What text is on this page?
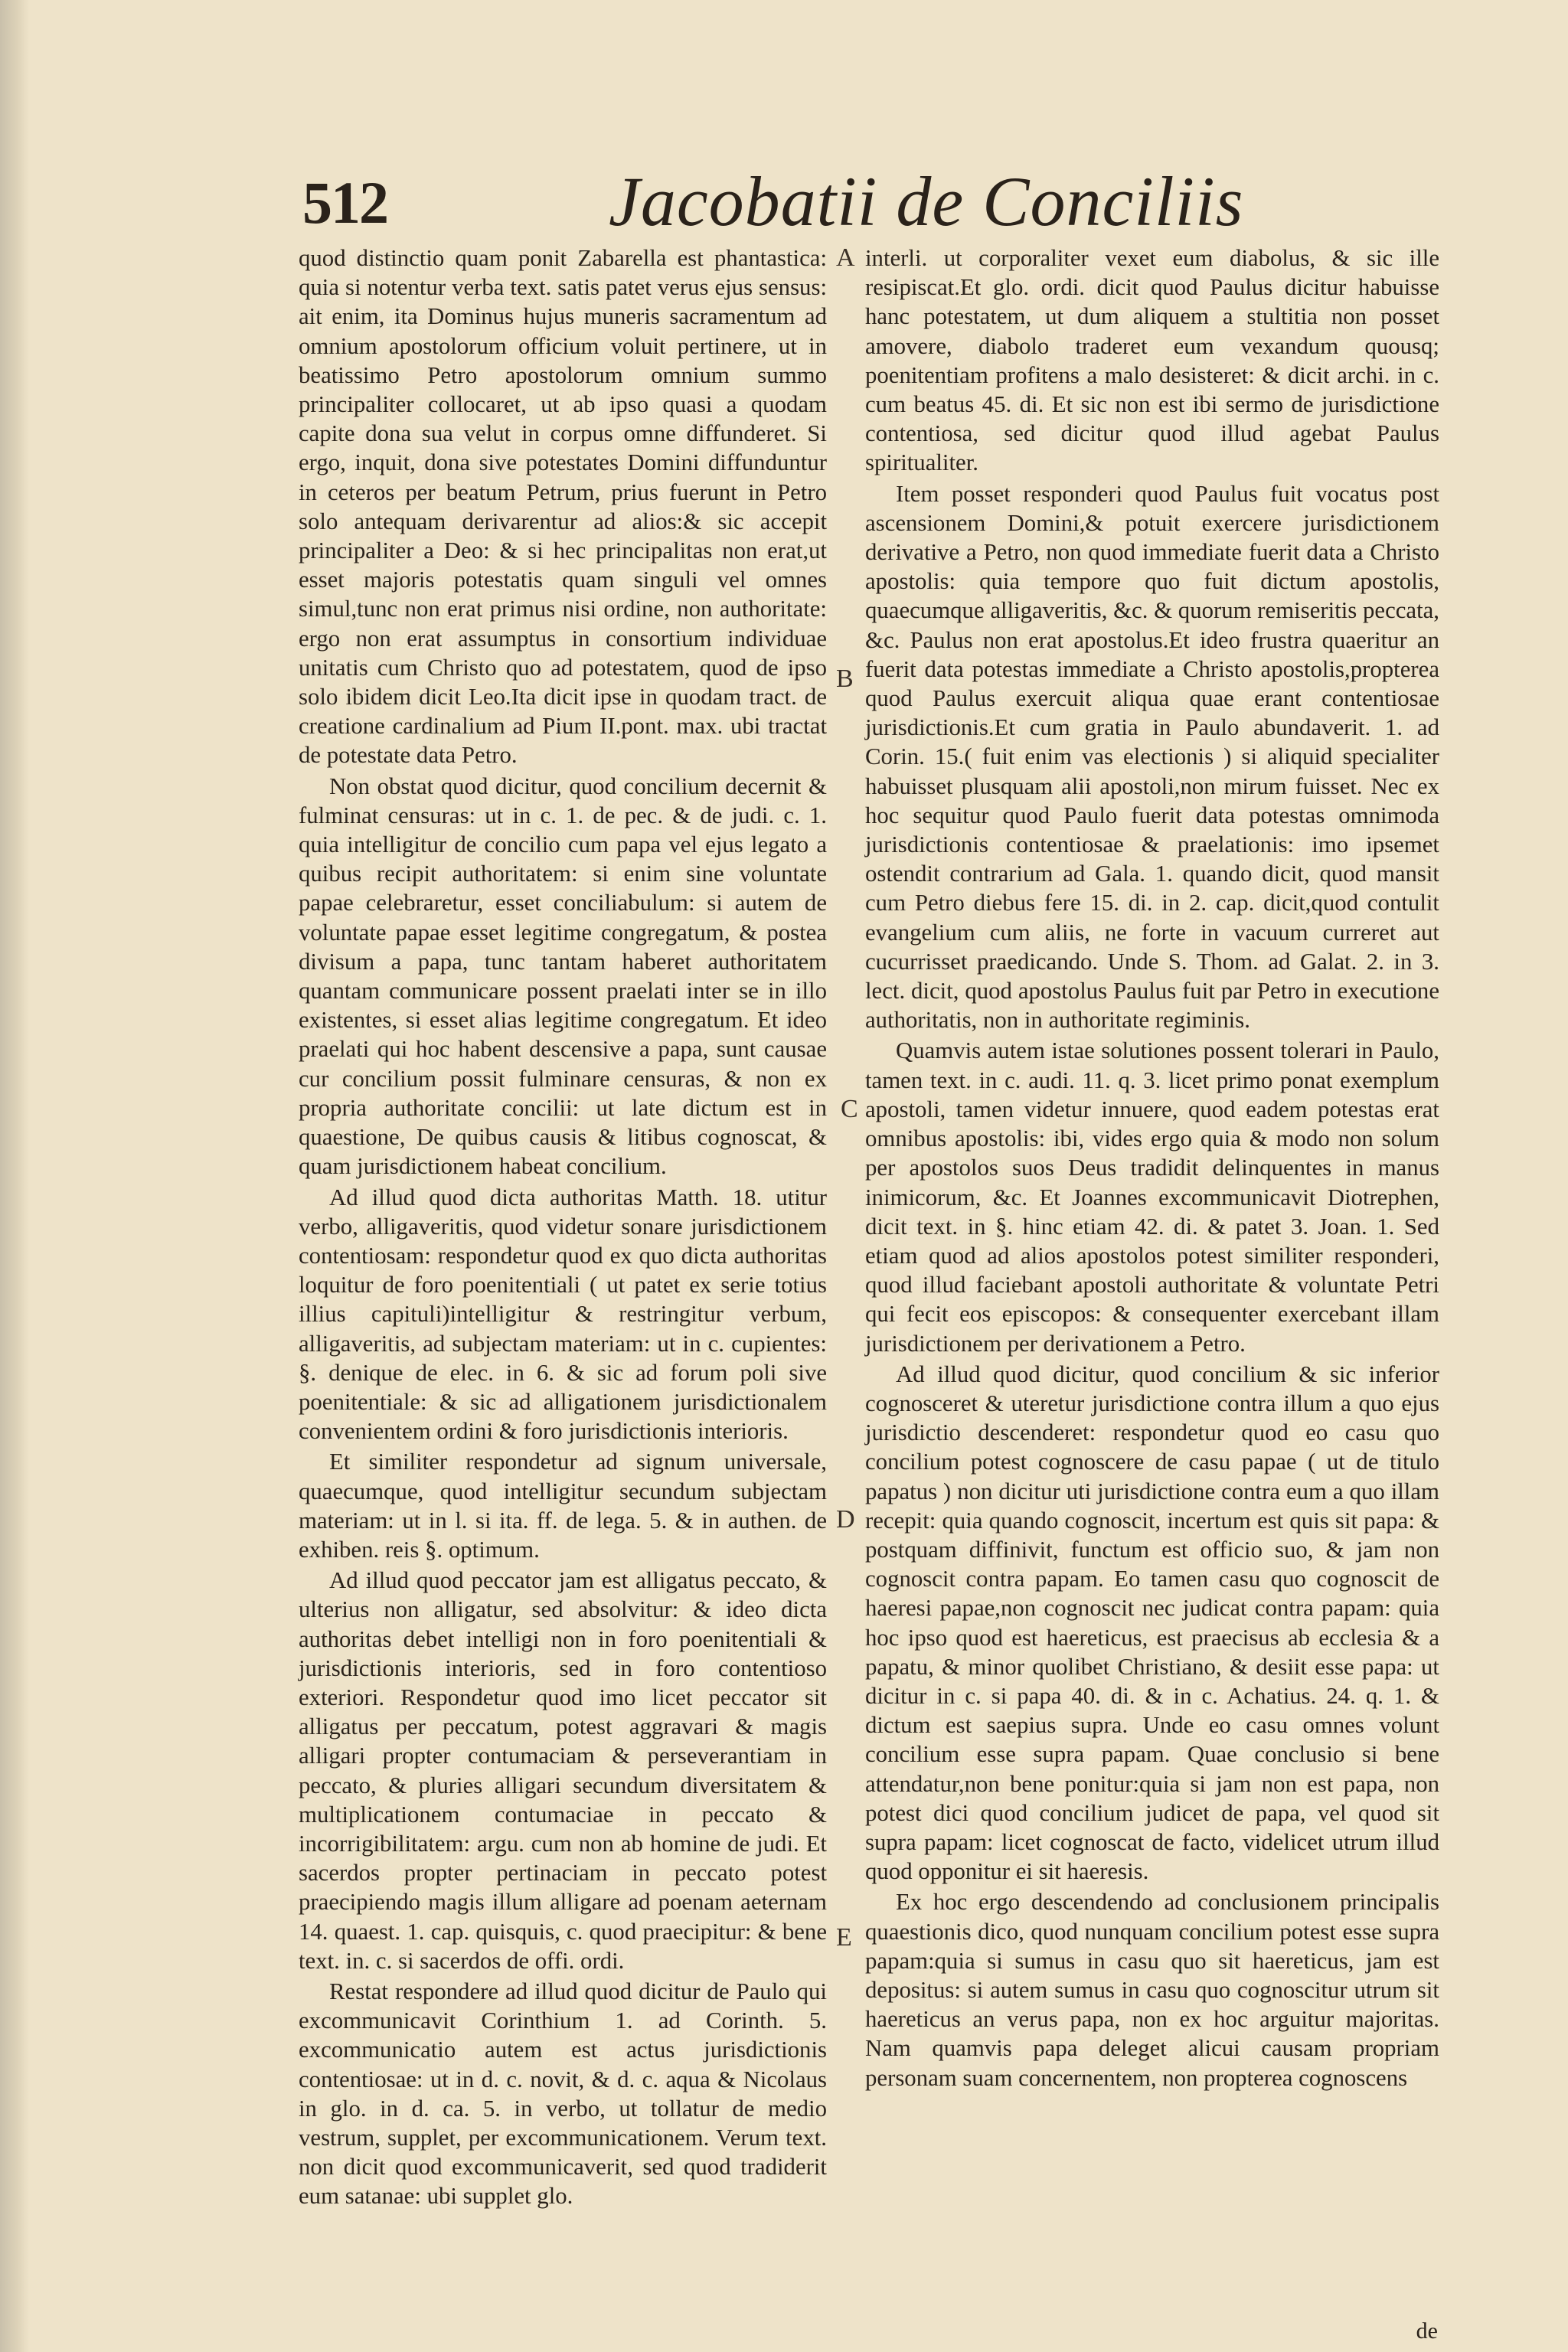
512	Jacobatii de Conciliis

quod distinctio quam ponit Zabarella est phantastica: quia si notentur verba text. satis patet verus ejus sensus: ait enim, ita Dominus hujus muneris sacramentum ad omnium apostolorum officium voluit pertinere, ut in beatissimo Petro apostolorum omnium summo principaliter collocaret, ut ab ipso quasi a quodam capite dona sua velut in corpus omne diffunderet. Si ergo, inquit, dona sive potestates Domini diffunduntur in ceteros per beatum Petrum, prius fuerunt in Petro solo antequam derivarentur ad alios:& sic accepit principaliter a Deo: & si hec principalitas non erat,ut esset majoris potestatis quam singuli vel omnes simul,tunc non erat primus nisi ordine, non authoritate: ergo non erat assumptus in consortium individuae unitatis cum Christo quo ad potestatem, quod de ipso solo ibidem dicit Leo.Ita dicit ipse in quodam tract. de creatione cardinalium ad Pium II.pont. max. ubi tractat de potestate data Petro.

Non obstat quod dicitur, quod concilium decernit & fulminat censuras: ut in c. 1. de pec. & de judi. c. 1. quia intelligitur de concilio cum papa vel ejus legato a quibus recipit authoritatem: si enim sine voluntate papae celebraretur, esset conciliabulum: si autem de voluntate papae esset legitime congregatum, & postea divisum a papa, tunc tantam haberet authoritatem quantam communicare possent praelati inter se in illo existentes, si esset alias legitime congregatum. Et ideo praelati qui hoc habent descensive a papa, sunt causae cur concilium possit fulminare censuras, & non ex propria authoritate concilii: ut late dictum est in quaestione, De quibus causis & litibus cognoscat, & quam jurisdictionem habeat concilium.

Ad illud quod dicta authoritas Matth. 18. utitur verbo, alligaveritis, quod videtur sonare jurisdictionem contentiosam: respondetur quod ex quo dicta authoritas loquitur de foro poenitentiali ( ut patet ex serie totius illius capituli)intelligitur & restringitur verbum, alligaveritis, ad subjectam materiam: ut in c. cupientes: §. denique de elec. in 6. & sic ad forum poli sive poenitentiale: & sic ad alligationem jurisdictionalem convenientem ordini & foro jurisdictionis interioris.

Et similiter respondetur ad signum universale, quaecumque, quod intelligitur secundum subjectam materiam: ut in l. si ita. ff. de lega. 5. & in authen. de exhiben. reis §. optimum.

Ad illud quod peccator jam est alligatus peccato, & ulterius non alligatur, sed absolvitur: & ideo dicta authoritas debet intelligi non in foro poenitentiali & jurisdictionis interioris, sed in foro contentioso exteriori. Respondetur quod imo licet peccator sit alligatus per peccatum, potest aggravari & magis alligari propter contumaciam & perseverantiam in peccato, & pluries alligari secundum diversitatem & multiplicationem contumaciae in peccato & incorrigibilitatem: argu. cum non ab homine de judi. Et sacerdos propter pertinaciam in peccato potest praecipiendo magis illum alligare ad poenam aeternam 14. quaest. 1. cap. quisquis, c. quod praecipitur: & bene text. in. c. si sacerdos de offi. ordi.

Restat respondere ad illud quod dicitur de Paulo qui excommunicavit Corinthium 1. ad Corinth. 5. excommunicatio autem est actus jurisdictionis contentiosae: ut in d. c. novit, & d. c. aqua & Nicolaus in glo. in d. ca. 5. in verbo, ut tollatur de medio vestrum, supplet, per excommunicationem. Verum text. non dicit quod excommunicaverit, sed quod tradiderit eum satanae: ubi supplet glo.

A
B
C
D
E

interli. ut corporaliter vexet eum diabolus, & sic ille resipiscat.Et glo. ordi. dicit quod Paulus dicitur habuisse hanc potestatem, ut dum aliquem a stultitia non posset amovere, diabolo traderet eum vexandum quousq; poenitentiam profitens a malo desisteret: & dicit archi. in c. cum beatus 45. di. Et sic non est ibi sermo de jurisdictione contentiosa, sed dicitur quod illud agebat Paulus spiritualiter.

Item posset responderi quod Paulus fuit vocatus post ascensionem Domini,& potuit exercere jurisdictionem derivative a Petro, non quod immediate fuerit data a Christo apostolis: quia tempore quo fuit dictum apostolis, quaecumque alligaveritis, &c. & quorum remiseritis peccata, &c. Paulus non erat apostolus.Et ideo frustra quaeritur an fuerit data potestas immediate a Christo apostolis,propterea quod Paulus exercuit aliqua quae erant contentiosae jurisdictionis.Et cum gratia in Paulo abundaverit. 1. ad Corin. 15.( fuit enim vas electionis ) si aliquid specialiter habuisset plusquam alii apostoli,non mirum fuisset. Nec ex hoc sequitur quod Paulo fuerit data potestas omnimoda jurisdictionis contentiosae & praelationis: imo ipsemet ostendit contrarium ad Gala. 1. quando dicit, quod mansit cum Petro diebus fere 15. di. in 2. cap. dicit,quod contulit evangelium cum aliis, ne forte in vacuum curreret aut cucurrisset praedicando. Unde S. Thom. ad Galat. 2. in 3. lect. dicit, quod apostolus Paulus fuit par Petro in executione authoritatis, non in authoritate regiminis.

Quamvis autem istae solutiones possent tolerari in Paulo, tamen text. in c. audi. 11. q. 3. licet primo ponat exemplum apostoli, tamen videtur innuere, quod eadem potestas erat omnibus apostolis: ibi, vides ergo quia & modo non solum per apostolos suos Deus tradidit delinquentes in manus inimicorum, &c. Et Joannes excommunicavit Diotrephen, dicit text. in §. hinc etiam 42. di. & patet 3. Joan. 1. Sed etiam quod ad alios apostolos potest similiter responderi, quod illud faciebant apostoli authoritate & voluntate Petri qui fecit eos episcopos: & consequenter exercebant illam jurisdictionem per derivationem a Petro.

Ad illud quod dicitur, quod concilium & sic inferior cognosceret & uteretur jurisdictione contra illum a quo ejus jurisdictio descenderet: respondetur quod eo casu quo concilium potest cognoscere de casu papae ( ut de titulo papatus ) non dicitur uti jurisdictione contra eum a quo illam recepit: quia quando cognoscit, incertum est quis sit papa: & postquam diffinivit, functum est officio suo, & jam non cognoscit contra papam. Eo tamen casu quo cognoscit de haeresi papae,non cognoscit nec judicat contra papam: quia hoc ipso quod est haereticus, est praecisus ab ecclesia & a papatu, & minor quolibet Christiano, & desiit esse papa: ut dicitur in c. si papa 40. di. & in c. Achatius. 24. q. 1. & dictum est saepius supra. Unde eo casu omnes volunt concilium esse supra papam. Quae conclusio si bene attendatur,non bene ponitur:quia si jam non est papa, non potest dici quod concilium judicet de papa, vel quod sit supra papam: licet cognoscat de facto, videlicet utrum illud quod opponitur ei sit haeresis.

Ex hoc ergo descendendo ad conclusionem principalis quaestionis dico, quod nunquam concilium potest esse supra papam:quia si sumus in casu quo sit haereticus, jam est depositus: si autem sumus in casu quo cognoscitur utrum sit haereticus an verus papa, non ex hoc arguitur majoritas. Nam quamvis papa deleget alicui causam propriam personam suam concernentem, non propterea cognoscens

de
